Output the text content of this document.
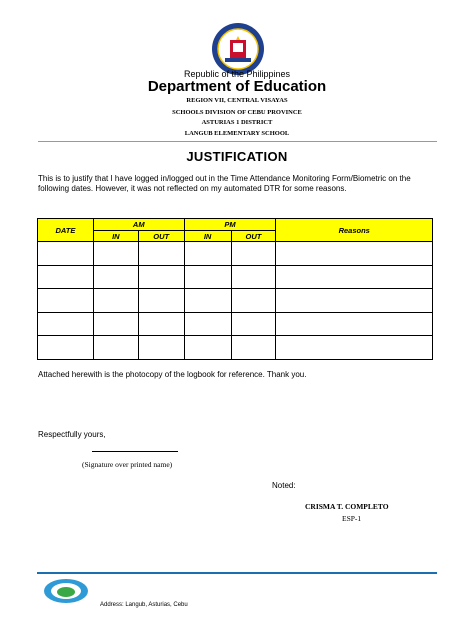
Republic of the Philippines
Department of Education
REGION VII, CENTRAL VISAYAS
SCHOOLS DIVISION OF CEBU PROVINCE
ASTURIAS 1 DISTRICT
LANGUB ELEMENTARY SCHOOL
JUSTIFICATION
This is to justify that I have logged in/logged out in the Time Attendance Monitoring Form/Biometric on the following dates. However, it was not reflected on my automated DTR for some reasons.
DATE	AM		PM		Reasons
	IN	OUT	IN	OUT	

Attached herewith is the photocopy of the logbook for reference. Thank you.
Respectfully yours,
(Signature over printed name)
Noted:
CRISMA T. COMPLETO
ESP-1
Address: Langub, Asturias, Cebu
